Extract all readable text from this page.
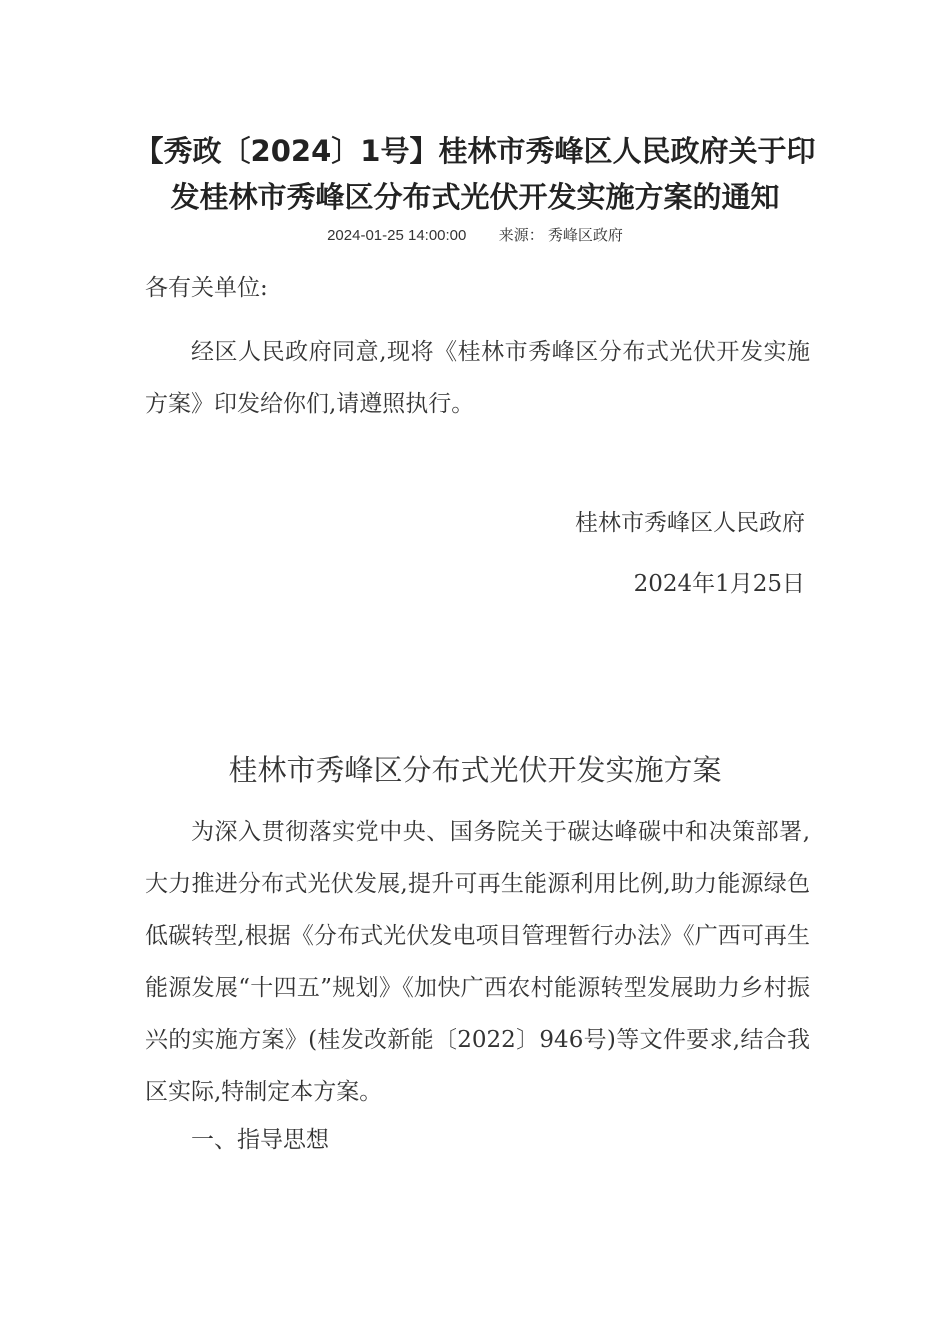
【秀政〔2024〕1号】桂林市秀峰区人民政府关于印发桂林市秀峰区分布式光伏开发实施方案的通知
2024-01-25 14:00:00 来源： 秀峰区政府

各有关单位:

经区人民政府同意,现将《桂林市秀峰区分布式光伏开发实施方案》印发给你们,请遵照执行。

桂林市秀峰区人民政府
2024年1月25日
桂林市秀峰区分布式光伏开发实施方案

为深入贯彻落实党中央、国务院关于碳达峰碳中和决策部署,大力推进分布式光伏发展,提升可再生能源利用比例,助力能源绿色低碳转型,根据《分布式光伏发电项目管理暂行办法》《广西可再生能源发展“十四五”规划》《加快广西农村能源转型发展助力乡村振兴的实施方案》(桂发改新能〔2022〕946号)等文件要求,结合我区实际,特制定本方案。

一、指导思想
